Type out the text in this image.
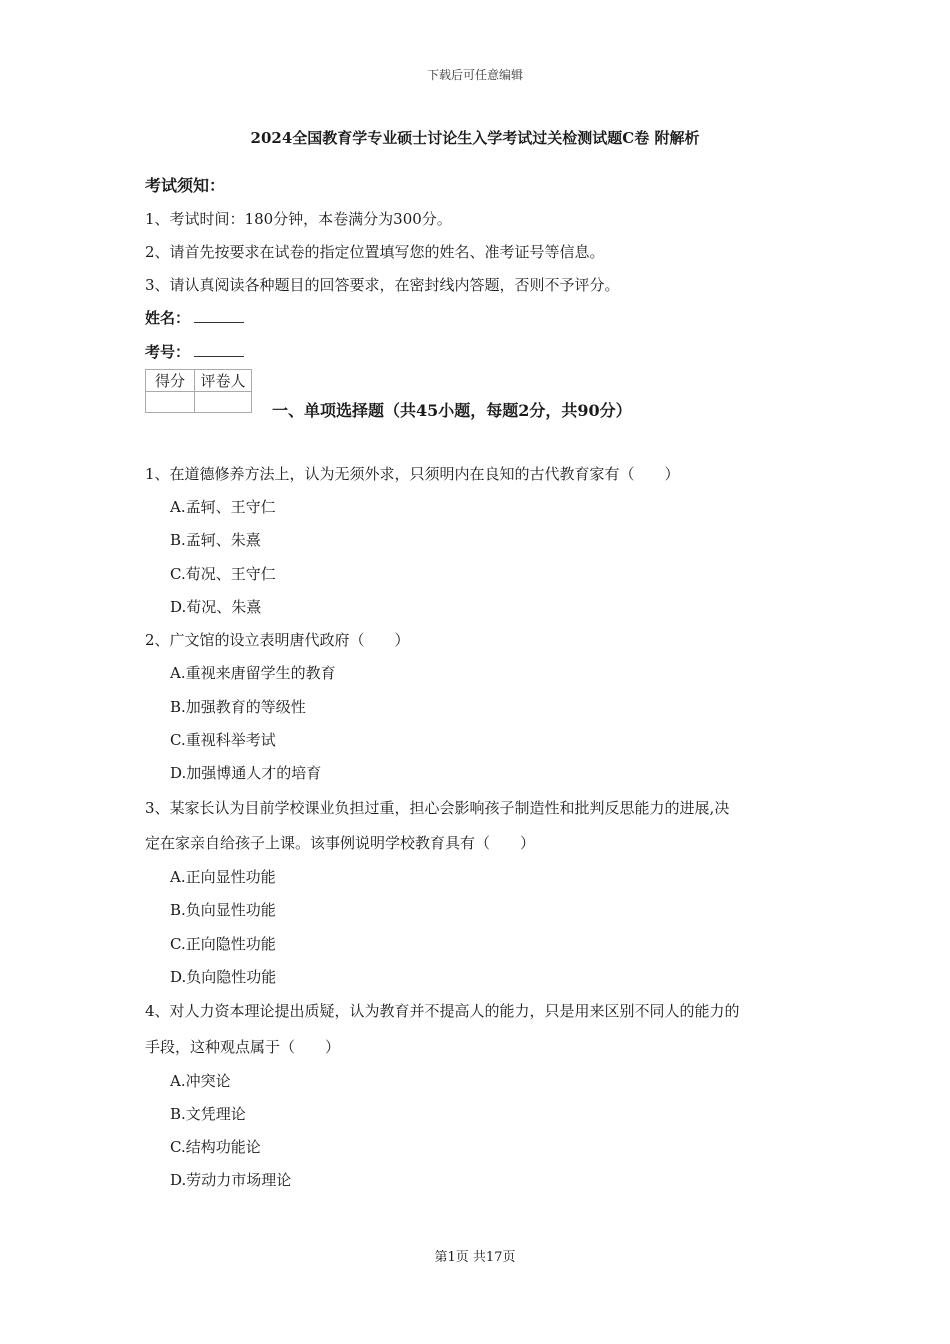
下载后可任意编辑
2024全国教育学专业硕士讨论生入学考试过关检测试题C卷 附解析
考试须知：
1、考试时间：180分钟，本卷满分为300分。
2、请首先按要求在试卷的指定位置填写您的姓名、准考证号等信息。
3、请认真阅读各种题目的回答要求，在密封线内答题，否则不予评分。
姓名：
考号：
得分	评卷人

一、单项选择题（共45小题，每题2分，共90分）
1、在道德修养方法上，认为无须外求，只须明内在良知的古代教育家有（　　）
A.孟轲、王守仁
B.孟轲、朱熹
C.荀况、王守仁
D.荀况、朱熹
2、广文馆的设立表明唐代政府（　　）
A.重视来唐留学生的教育
B.加强教育的等级性
C.重视科举考试
D.加强博通人才的培育
3、某家长认为目前学校课业负担过重，担心会影响孩子制造性和批判反思能力的进展,决
定在家亲自给孩子上课。该事例说明学校教育具有（　　）
A.正向显性功能
B.负向显性功能
C.正向隐性功能
D.负向隐性功能
4、对人力资本理论提出质疑，认为教育并不提高人的能力，只是用来区别不同人的能力的
手段，这种观点属于（　　）
A.冲突论
B.文凭理论
C.结构功能论
D.劳动力市场理论
第1页 共17页
